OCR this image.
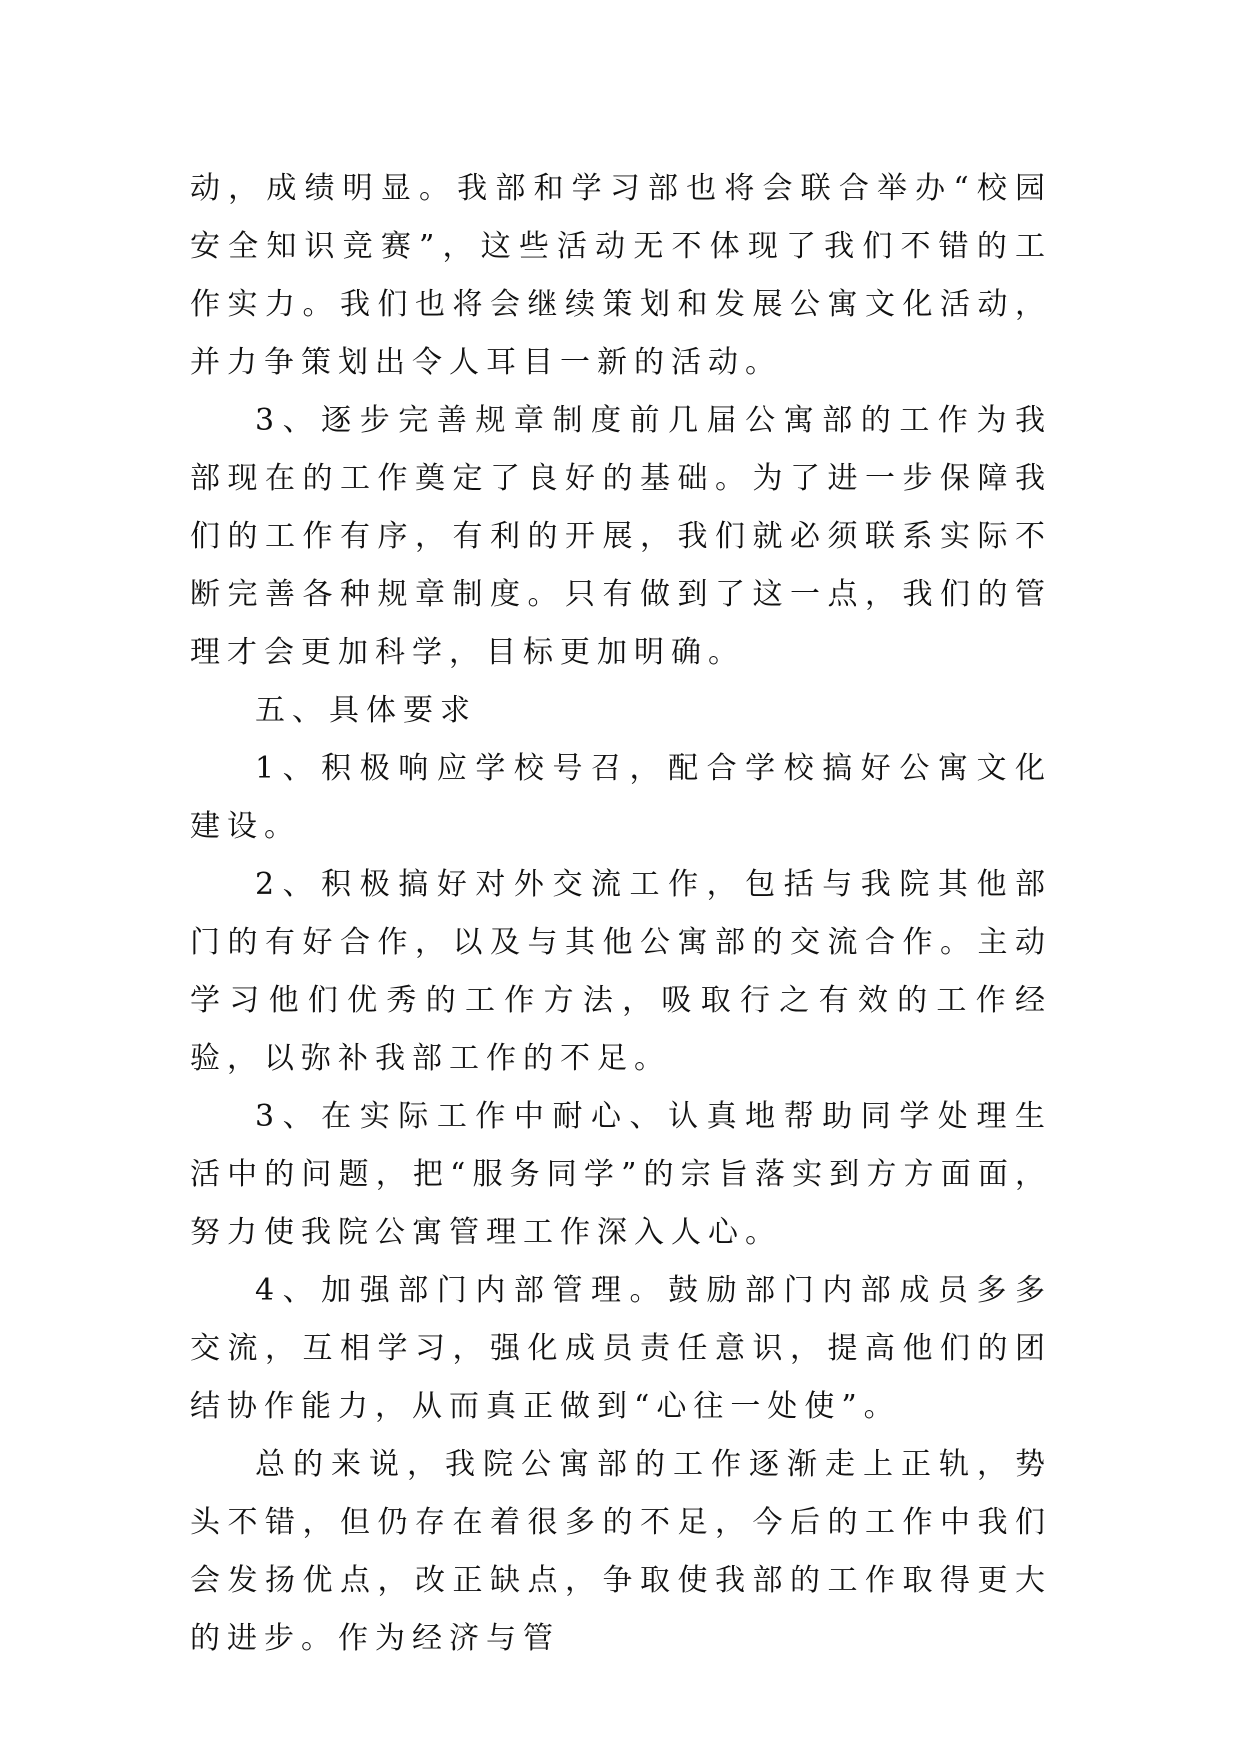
动，成绩明显。我部和学习部也将会联合举办“校园安全知识竞赛”，这些活动无不体现了我们不错的工作实力。我们也将会继续策划和发展公寓文化活动，并力争策划出令人耳目一新的活动。

3、逐步完善规章制度前几届公寓部的工作为我部现在的工作奠定了良好的基础。为了进一步保障我们的工作有序，有利的开展，我们就必须联系实际不断完善各种规章制度。只有做到了这一点，我们的管理才会更加科学，目标更加明确。

五、具体要求

1、积极响应学校号召，配合学校搞好公寓文化建设。

2、积极搞好对外交流工作，包括与我院其他部门的有好合作，以及与其他公寓部的交流合作。主动学习他们优秀的工作方法，吸取行之有效的工作经验，以弥补我部工作的不足。

3、在实际工作中耐心、认真地帮助同学处理生活中的问题，把“服务同学”的宗旨落实到方方面面，努力使我院公寓管理工作深入人心。

4、加强部门内部管理。鼓励部门内部成员多多交流，互相学习，强化成员责任意识，提高他们的团结协作能力，从而真正做到“心往一处使”。

总的来说，我院公寓部的工作逐渐走上正轨，势头不错，但仍存在着很多的不足，今后的工作中我们会发扬优点，改正缺点，争取使我部的工作取得更大的进步。作为经济与管
